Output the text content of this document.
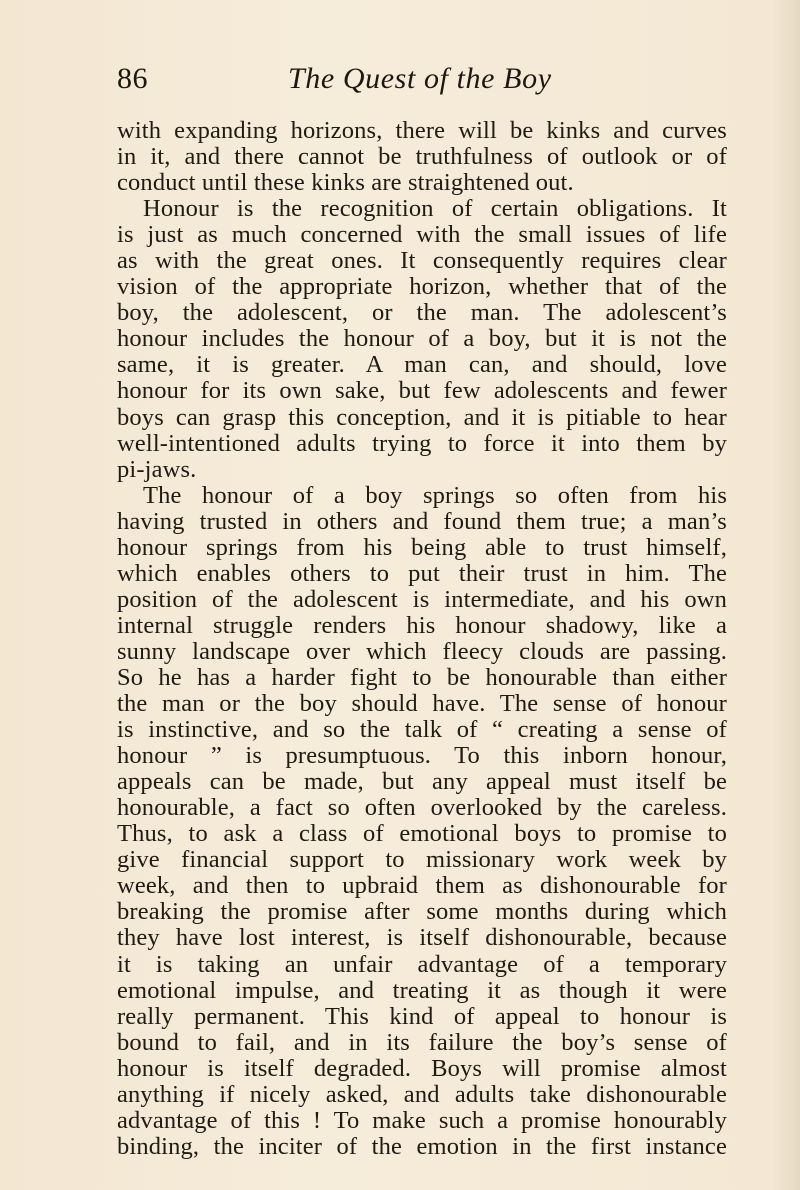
86	The Quest of the Boy
with expanding horizons, there will be kinks and curves
in it, and there cannot be truthfulness of outlook or of
conduct until these kinks are straightened out.
Honour is the recognition of certain obligations. It
is just as much concerned with the small issues of life
as with the great ones. It consequently requires clear
vision of the appropriate horizon, whether that of the
boy, the adolescent, or the man. The adolescent’s
honour includes the honour of a boy, but it is not the
same, it is greater. A man can, and should, love
honour for its own sake, but few adolescents and fewer
boys can grasp this conception, and it is pitiable to hear
well-intentioned adults trying to force it into them by
pi-jaws.
The honour of a boy springs so often from his
having trusted in others and found them true; a man’s
honour springs from his being able to trust himself,
which enables others to put their trust in him. The
position of the adolescent is intermediate, and his own
internal struggle renders his honour shadowy, like a
sunny landscape over which fleecy clouds are passing.
So he has a harder fight to be honourable than either
the man or the boy should have. The sense of honour
is instinctive, and so the talk of “ creating a sense of
honour ” is presumptuous. To this inborn honour,
appeals can be made, but any appeal must itself be
honourable, a fact so often overlooked by the careless.
Thus, to ask a class of emotional boys to promise to
give financial support to missionary work week by
week, and then to upbraid them as dishonourable for
breaking the promise after some months during which
they have lost interest, is itself dishonourable, because
it is taking an unfair advantage of a temporary
emotional impulse, and treating it as though it were
really permanent. This kind of appeal to honour is
bound to fail, and in its failure the boy’s sense of
honour is itself degraded. Boys will promise almost
anything if nicely asked, and adults take dishonourable
advantage of this ! To make such a promise honourably
binding, the inciter of the emotion in the first instance
